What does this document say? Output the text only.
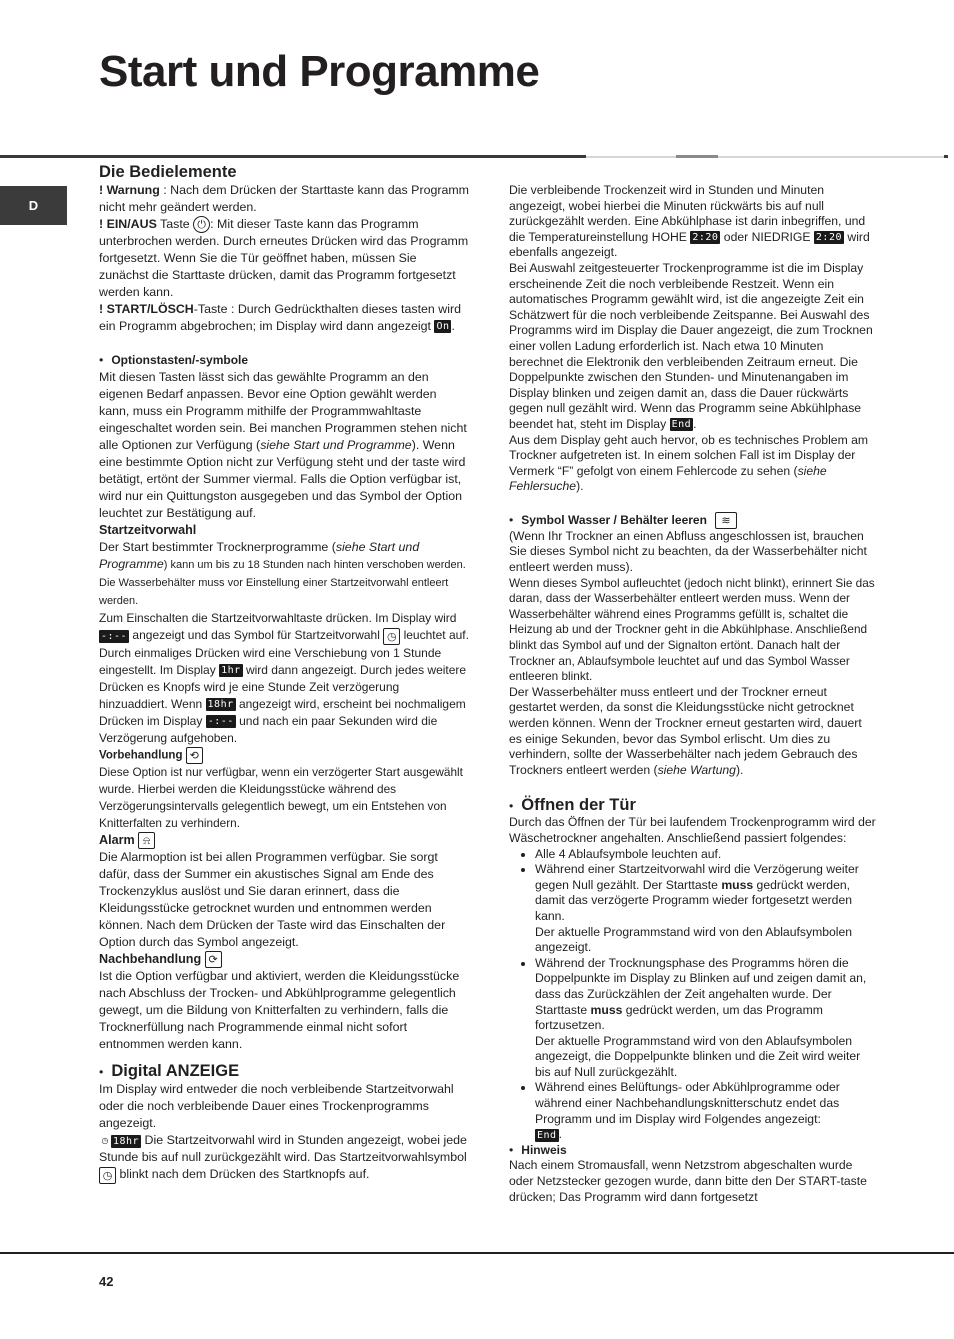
Start und Programme
D

Die Bedielemente

! Warnung : Nach dem Drücken der Starttaste kann das Programm nicht mehr geändert werden.

! EIN/AUS Taste ⏻ : Mit dieser Taste kann das Programm unterbrochen werden. Durch erneutes Drücken wird das Programm fortgesetzt. Wenn Sie die Tür geöffnet haben, müssen Sie zunächst die Starttaste drücken, damit das Programm fortgesetzt werden kann.

! START/LÖSCH-Taste : Durch Gedrückthalten dieses tasten wird ein Programm abgebrochen; im Display wird dann angezeigt On .

• Optionstasten/-symbole

Mit diesen Tasten lässt sich das gewählte Programm an den eigenen Bedarf anpassen. Bevor eine Option gewählt werden kann, muss ein Programm mithilfe der Programmwahltaste eingeschaltet worden sein. Bei manchen Programmen stehen nicht alle Optionen zur Verfügung (siehe Start und Programme). Wenn eine bestimmte Option nicht zur Verfügung steht und der taste wird betätigt, ertönt der Summer viermal. Falls die Option verfügbar ist, wird nur ein Quittungston ausgegeben und das Symbol der Option leuchtet zur Bestätigung auf.

Startzeitvorwahl

Der Start bestimmter Trocknerprogramme (siehe Start und Programme) kann um bis zu 18 Stunden nach hinten verschoben werden. Die Wasserbehälter muss vor Einstellung einer Startzeitvorwahl entleert werden.

Zum Einschalten die Startzeitvorwahltaste drücken. Im Display wird -:-- angezeigt und das Symbol für Startzeitvorwahl ◷ leuchtet auf. Durch einmaliges Drücken wird eine Verschiebung von 1 Stunde eingestellt. Im Display 1hr wird dann angezeigt. Durch jedes weitere Drücken es Knopfs wird je eine Stunde Zeit verzögerung hinzuaddiert. Wenn 18hr angezeigt wird, erscheint bei nochmaligem Drücken im Display -:-- und nach ein paar Sekunden wird die Verzögerung aufgehoben.

Vorbehandlung ⟲

Diese Option ist nur verfügbar, wenn ein verzögerter Start ausgewählt wurde. Hierbei werden die Kleidungsstücke während des Verzögerungsintervalls gelegentlich bewegt, um ein Entstehen von Knitterfalten zu verhindern.

Alarm ⍾

Die Alarmoption ist bei allen Programmen verfügbar. Sie sorgt dafür, dass der Summer ein akustisches Signal am Ende des Trockenzyklus auslöst und Sie daran erinnert, dass die Kleidungsstücke getrocknet wurden und entnommen werden können. Nach dem Drücken der Taste wird das Einschalten der Option durch das Symbol angezeigt.

Nachbehandlung ⟳

Ist die Option verfügbar und aktiviert, werden die Kleidungsstücke nach Abschluss der Trocken- und Abkühlprogramme gelegentlich gewegt, um die Bildung von Knitterfalten zu verhindern, falls die Trocknerfüllung nach Programmende einmal nicht sofort entnommen werden kann.

• Digital ANZEIGE

Im Display wird entweder die noch verbleibende Startzeitvorwahl oder die noch verbleibende Dauer eines Trockenprogramms angezeigt.

◷ 18hr Die Startzeitvorwahl wird in Stunden angezeigt, wobei jede Stunde bis auf null zurückgezählt wird. Das Startzeitvorwahlsymbol ◷ blinkt nach dem Drücken des Startknopfs auf.

Die verbleibende Trockenzeit wird in Stunden und Minuten angezeigt, wobei hierbei die Minuten rückwärts bis auf null zurückgezählt werden. Eine Abkühlphase ist darin inbegriffen, und die Temperatureinstellung HOHE 2:20 oder NIEDRIGE 2:20 wird ebenfalls angezeigt.

Bei Auswahl zeitgesteuerter Trockenprogramme ist die im Display erscheinende Zeit die noch verbleibende Restzeit. Wenn ein automatisches Programm gewählt wird, ist die angezeigte Zeit ein Schätzwert für die noch verbleibende Zeitspanne. Bei Auswahl des Programms wird im Display die Dauer angezeigt, die zum Trocknen einer vollen Ladung erforderlich ist. Nach etwa 10 Minuten berechnet die Elektronik den verbleibenden Zeitraum erneut. Die Doppelpunkte zwischen den Stunden- und Minutenangaben im Display blinken und zeigen damit an, dass die Dauer rückwärts gegen null gezählt wird. Wenn das Programm seine Abkühlphase beendet hat, steht im Display End .

Aus dem Display geht auch hervor, ob es technisches Problem am Trockner aufgetreten ist. In einem solchen Fall ist im Display der Vermerk “F” gefolgt von einem Fehlercode zu sehen (siehe Fehlersuche).

• Symbol Wasser / Behälter leeren	≋

(Wenn Ihr Trockner an einen Abfluss angeschlossen ist, brauchen Sie dieses Symbol nicht zu beachten, da der Wasserbehälter nicht entleert werden muss).

Wenn dieses Symbol aufleuchtet (jedoch nicht blinkt), erinnert Sie das daran, dass der Wasserbehälter entleert werden muss. Wenn der Wasserbehälter während eines Programms gefüllt is, schaltet die Heizung ab und der Trockner geht in die Abkühlphase. Anschließend blinkt das Symbol auf und der Signalton ertönt. Danach halt der Trockner an, Ablaufsymbole leuchtet auf und das Symbol Wasser entleeren blinkt.

Der Wasserbehälter muss entleert und der Trockner erneut gestartet werden, da sonst die Kleidungsstücke nicht getrocknet werden können. Wenn der Trockner erneut gestarten wird, dauert es einige Sekunden, bevor das Symbol erlischt. Um dies zu verhindern, sollte der Wasserbehälter nach jedem Gebrauch des Trockners entleert werden (siehe Wartung).

• Öffnen der Tür

Durch das Öffnen der Tür bei laufendem Trockenprogramm wird der Wäschetrockner angehalten. Anschließend passiert folgendes:

• Alle 4 Ablaufsymbole leuchten auf.
• Während einer Startzeitvorwahl wird die Verzögerung weiter gegen Null gezählt. Der Starttaste muss gedrückt werden, damit das verzögerte Programm wieder fortgesetzt werden kann.
Der aktuelle Programmstand wird von den Ablaufsymbolen angezeigt.
• Während der Trocknungsphase des Programms hören die Doppelpunkte im Display zu Blinken auf und zeigen damit an, dass das Zurückzählen der Zeit angehalten wurde. Der Starttaste muss gedrückt werden, um das Programm fortzusetzen.
Der aktuelle Programmstand wird von den Ablaufsymbolen angezeigt, die Doppelpunkte blinken und die Zeit wird weiter bis auf Null zurückgezählt.
• Während eines Belüftungs- oder Abkühlprogramme oder während einer Nachbehandlungsknitterschutz endet das Programm und im Display wird Folgendes angezeigt:
End .
• Hinweis

Nach einem Stromausfall, wenn Netzstrom abgeschalten wurde oder Netzstecker gezogen wurde, dann bitte den Der START-taste drücken; Das Programm wird dann fortgesetzt

42
